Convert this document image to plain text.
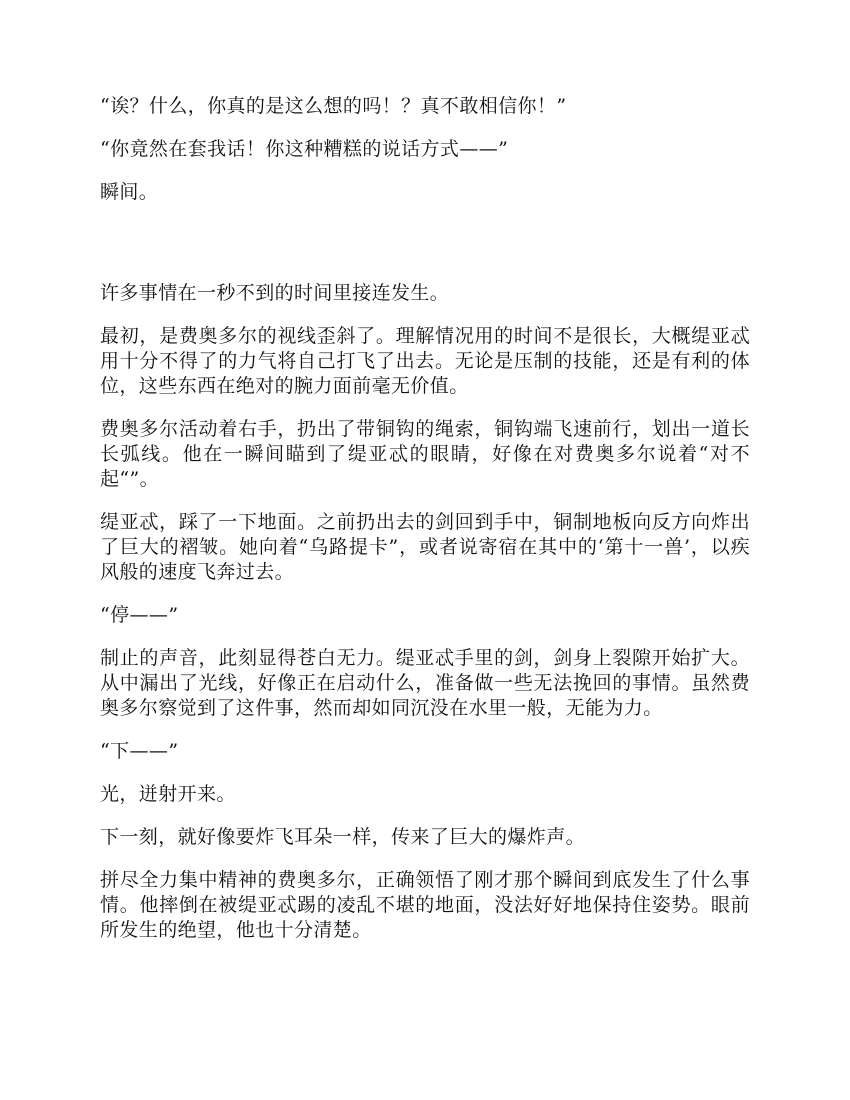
“诶？什么，你真的是这么想的吗！？真不敢相信你！”

“你竟然在套我话！你这种糟糕的说话方式——”

瞬间。

许多事情在一秒不到的时间里接连发生。

最初，是费奥多尔的视线歪斜了。理解情况用的时间不是很长，大概缇亚忒用十分不得了的力气将自己打飞了出去。无论是压制的技能，还是有利的体位，这些东西在绝对的腕力面前毫无价值。

费奥多尔活动着右手，扔出了带铜钩的绳索，铜钩端飞速前行，划出一道长长弧线。他在一瞬间瞄到了缇亚忒的眼睛，好像在对费奥多尔说着“对不起“”。

缇亚忒，踩了一下地面。之前扔出去的剑回到手中，铜制地板向反方向炸出了巨大的褶皱。她向着“乌路提卡”，或者说寄宿在其中的‘第十一兽’，以疾风般的速度飞奔过去。

“停——”

制止的声音，此刻显得苍白无力。缇亚忒手里的剑，剑身上裂隙开始扩大。从中漏出了光线，好像正在启动什么，准备做一些无法挽回的事情。虽然费奥多尔察觉到了这件事，然而却如同沉没在水里一般，无能为力。

“下——”

光，迸射开来。

下一刻，就好像要炸飞耳朵一样，传来了巨大的爆炸声。

拼尽全力集中精神的费奥多尔，正确领悟了刚才那个瞬间到底发生了什么事情。他摔倒在被缇亚忒踢的凌乱不堪的地面，没法好好地保持住姿势。眼前所发生的绝望，他也十分清楚。
